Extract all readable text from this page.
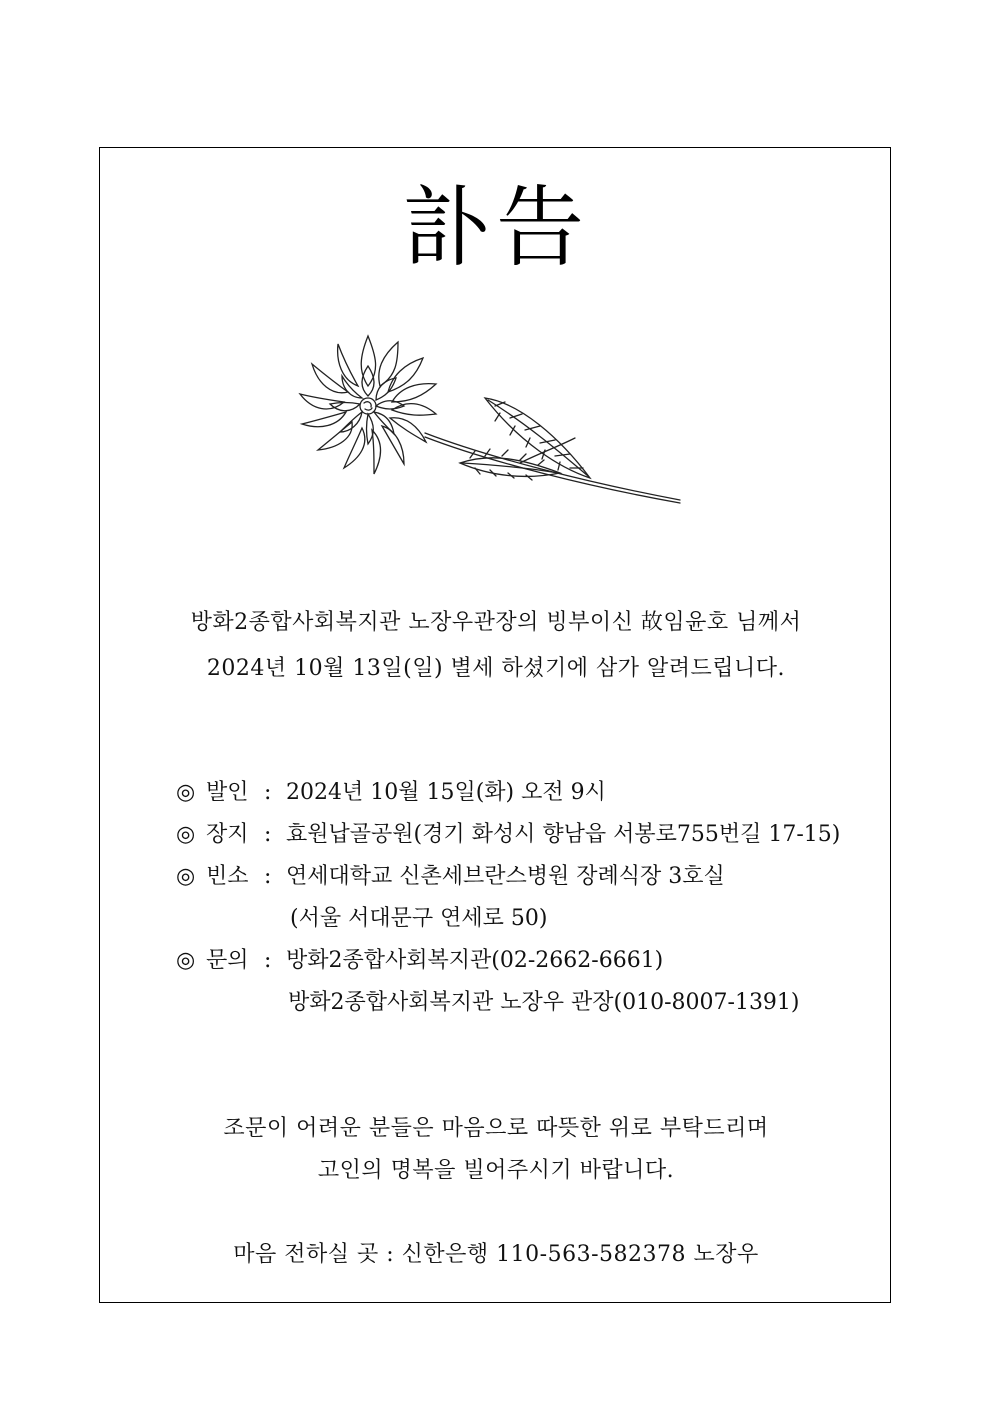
訃告
방화2종합사회복지관 노장우관장의 빙부이신 故임윤호 님께서
2024년 10월 13일(일) 별세 하셨기에 삼가 알려드립니다.
◎ 발인 : 2024년 10월 15일(화) 오전 9시
◎ 장지 : 효원납골공원(경기 화성시 향남읍 서봉로755번길 17-15)
◎ 빈소 : 연세대학교 신촌세브란스병원 장례식장 3호실
(서울 서대문구 연세로 50)
◎ 문의 : 방화2종합사회복지관(02-2662-6661)
방화2종합사회복지관 노장우 관장(010-8007-1391)
조문이 어려운 분들은 마음으로 따뜻한 위로 부탁드리며
고인의 명복을 빌어주시기 바랍니다.
마음 전하실 곳 : 신한은행 110-563-582378 노장우
